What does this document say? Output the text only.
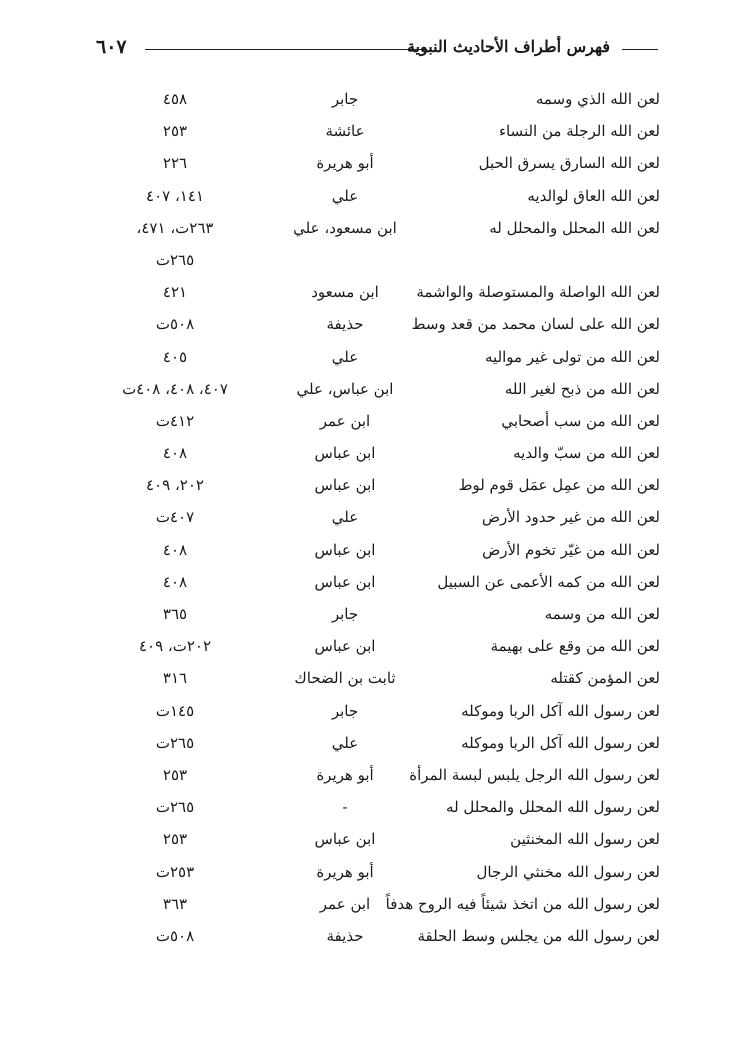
٦٠٧	فهرس أطراف الأحاديث النبوية
لعن الله الذي وسمه
جابر
٤٥٨
لعن الله الرجلة من النساء
عائشة
٢٥٣
لعن الله السارق يسرق الحبل
أبو هريرة
٢٢٦
لعن الله العاق لوالديه
علي
١٤١، ٤٠٧
لعن الله المحلل والمحلل له
ابن مسعود، علي
٢٦٣ت، ٤٧١،
٢٦٥ت
لعن الله الواصلة والمستوصلة والواشمة
ابن مسعود
٤٢١
لعن الله على لسان محمد من قعد وسط
حذيفة
٥٠٨ت
لعن الله من تولى غير مواليه
علي
٤٠٥
لعن الله من ذبح لغير الله
ابن عباس، علي
٤٠٧، ٤٠٨، ٤٠٨ت
لعن الله من سب أصحابي
ابن عمر
٤١٢ت
لعن الله من سبّ والديه
ابن عباس
٤٠٨
لعن الله من عمِل عمَل قوم لوط
ابن عباس
٢٠٢، ٤٠٩
لعن الله من غير حدود الأرض
علي
٤٠٧ت
لعن الله من غيّر تخوم الأرض
ابن عباس
٤٠٨
لعن الله من كمه الأعمى عن السبيل
ابن عباس
٤٠٨
لعن الله من وسمه
جابر
٣٦٥
لعن الله من وقع على بهيمة
ابن عباس
٢٠٢ت، ٤٠٩
لعن المؤمن كقتله
ثابت بن الضحاك
٣١٦
لعن رسول الله آكل الربا وموكله
جابر
١٤٥ت
لعن رسول الله آكل الربا وموكله
علي
٢٦٥ت
لعن رسول الله الرجل يلبس لبسة المرأة
أبو هريرة
٢٥٣
لعن رسول الله المحلل والمحلل له
-
٢٦٥ت
لعن رسول الله المخنثين
ابن عباس
٢٥٣
لعن رسول الله مخنثي الرجال
أبو هريرة
٢٥٣ت
لعن رسول الله من اتخذ شيئاً فيه الروح هدفاً
ابن عمر
٣٦٣
لعن رسول الله من يجلس وسط الحلقة
حذيفة
٥٠٨ت
